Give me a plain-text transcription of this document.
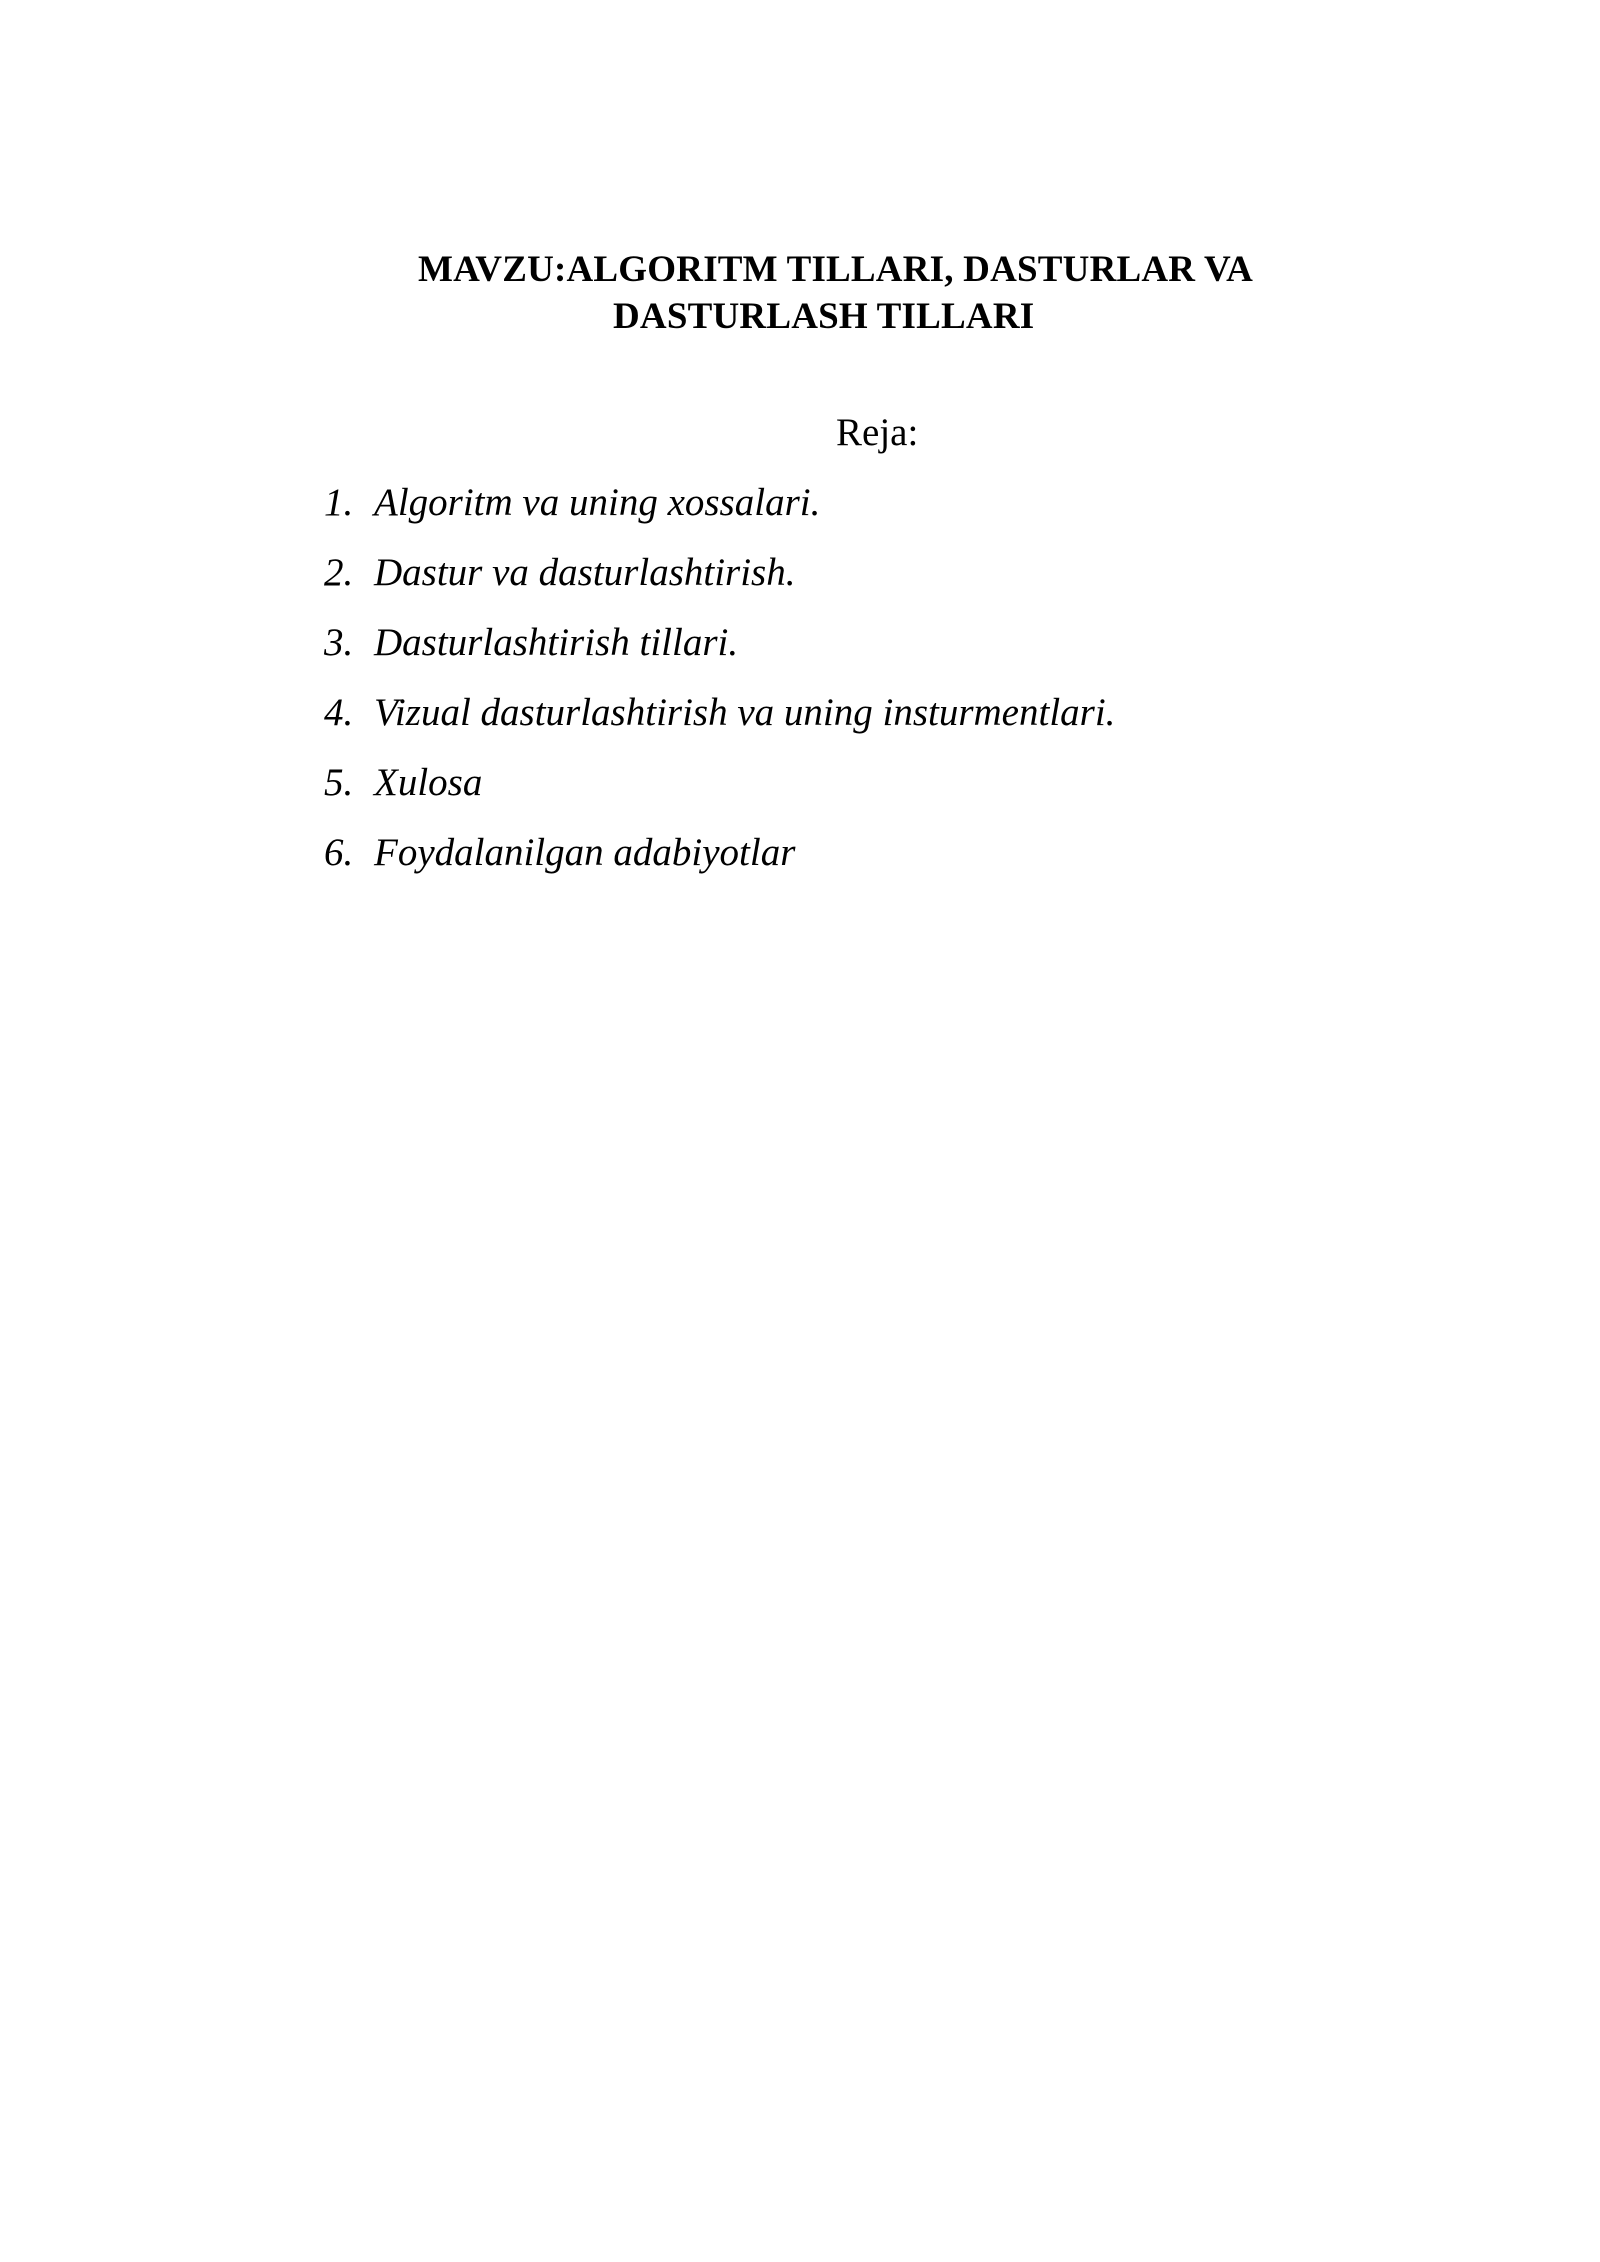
MAVZU:ALGORITM TILLARI, DASTURLAR VA
DASTURLASH TILLARI

Reja:

1. Algoritm va uning xossalari.
2. Dastur va dasturlashtirish.
3. Dasturlashtirish tillari.
4. Vizual dasturlashtirish va uning insturmentlari.
5. Xulosa
6. Foydalanilgan adabiyotlar
